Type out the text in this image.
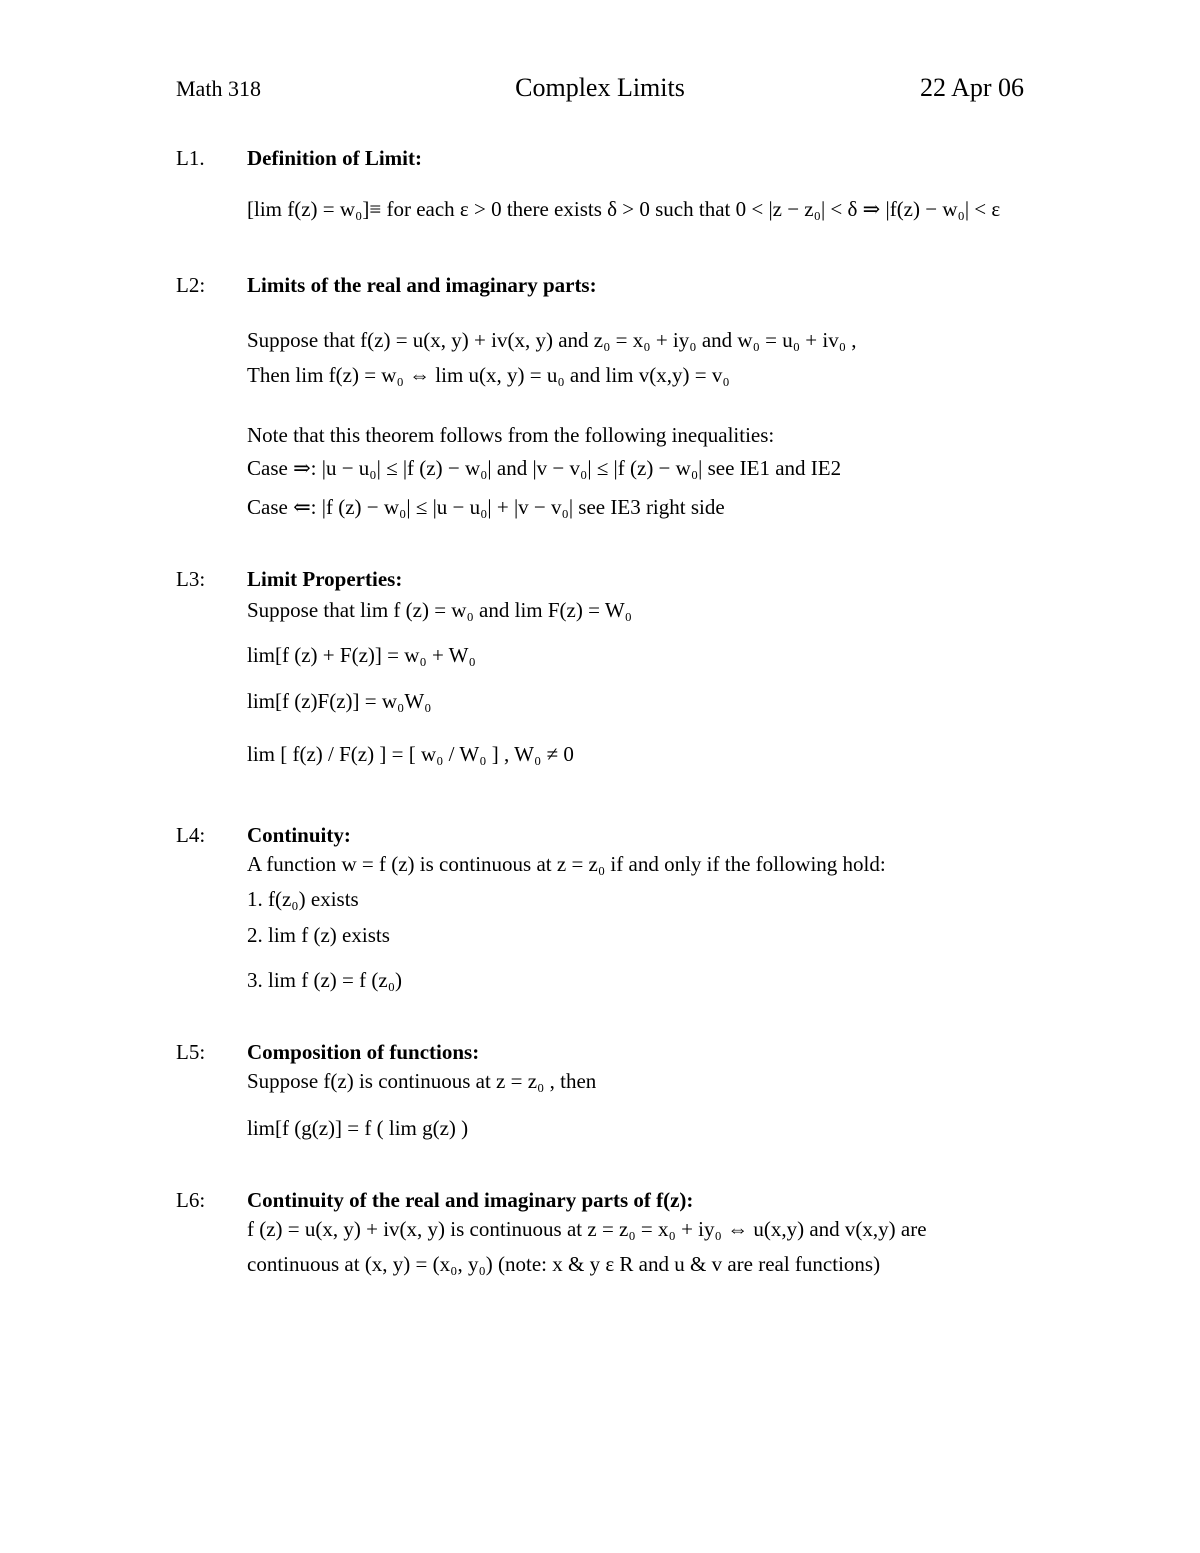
Math 318	Complex Limits	22 Apr 06
L1. Definition of Limit:
[lim f(z) = w₀]≡ for each ε > 0 there exists δ > 0 such that 0 < |z − z₀| < δ ⇒ |f(z) − w₀| < ε
L2: Limits of the real and imaginary parts:
Suppose that f(z) = u(x, y) + iv(x, y) and z₀ = x₀ + iy₀ and w₀ = u₀ + iv₀ ,
Then lim f(z) = w₀ ⇔ lim u(x, y) = u₀ and lim v(x,y) = v₀
Note that this theorem follows from the following inequalities:
Case ⇒: |u − u₀| ≤ |f (z) − w₀| and |v − v₀| ≤ |f (z) − w₀| see IE1 and IE2
Case ⇐: |f (z) − w₀| ≤ |u − u₀| + |v − v₀| see IE3 right side
L3: Limit Properties:
Suppose that lim f (z) = w₀ and lim F(z) = W₀
lim[f (z) + F(z)] = w₀ + W₀
lim[f (z)F(z)] = w₀W₀
lim [ f(z) / F(z) ] = [ w₀ / W₀ ] , W₀ ≠ 0
L4: Continuity:
A function w = f (z) is continuous at z = z₀ if and only if the following hold:
1. f(z₀) exists
2. lim f (z) exists
3. lim f (z) = f (z₀)
L5: Composition of functions:
Suppose f(z) is continuous at z = z₀ , then
lim[f (g(z)] = f ( lim g(z) )
L6: Continuity of the real and imaginary parts of f(z):
f (z) = u(x, y) + iv(x, y) is continuous at z = z₀ = x₀ + iy₀ ⇔ u(x,y) and v(x,y) are
continuous at (x, y) = (x₀, y₀) (note: x & y ε R and u & v are real functions)
